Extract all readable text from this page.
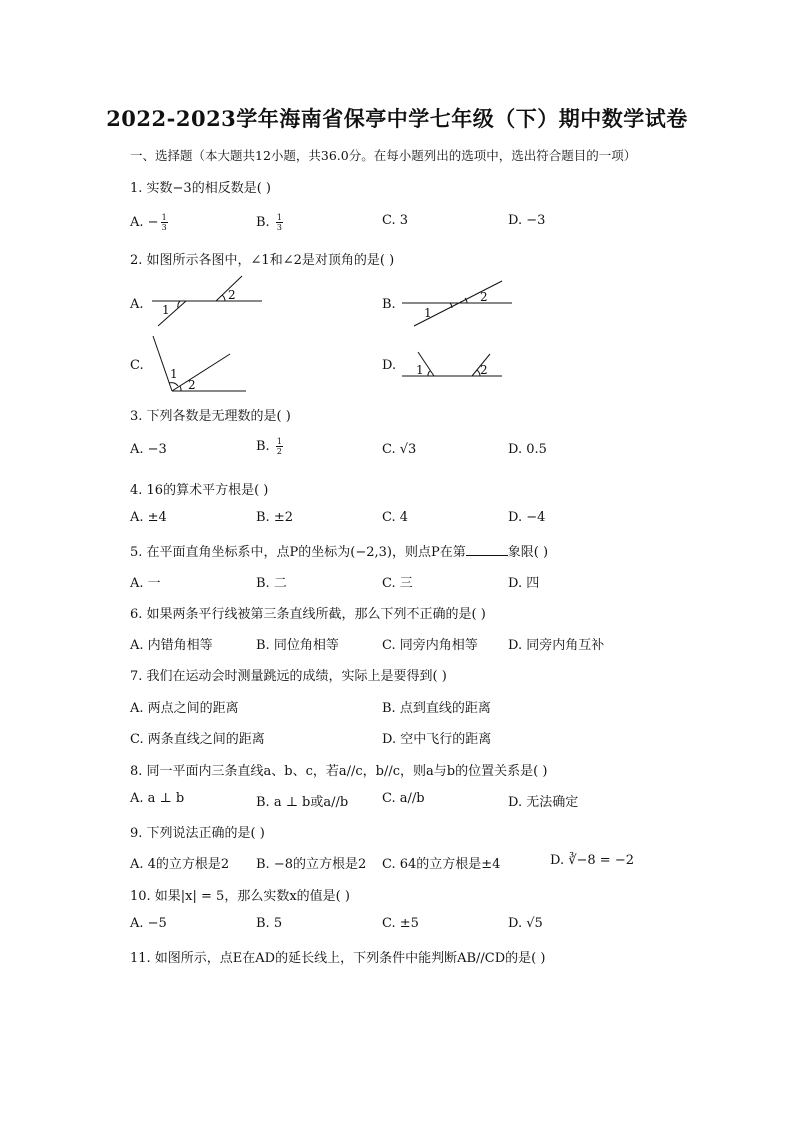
2022-2023学年海南省保亭中学七年级（下）期中数学试卷
一、选择题（本大题共12小题，共36.0分。在每小题列出的选项中，选出符合题目的一项）
1. 实数−3的相反数是( )
A. − $\frac{1}{3}$	B. $\frac{1}{3}$	C. 3	D. −3
2. 如图所示各图中，∠1和∠2是对顶角的是( )
A. 1
2
B.
1
2
C.
1
2
D. 1	2
3. 下列各数是无理数的是( )
A. −3	B. $\frac{1}{2}$	C. √3	D. 0.5
4. 16的算术平方根是( )
A. ±4	B. ±2	C. 4	D. −4
5. 在平面直角坐标系中，点P的坐标为(−2,3)，则点P在第	象限( )
A. 一	B. 二	C. 三	D. 四
6. 如果两条平行线被第三条直线所截，那么下列不正确的是( )
A. 内错角相等	B. 同位角相等	C. 同旁内角相等 D. 同旁内角互补
7. 我们在运动会时测量跳远的成绩，实际上是要得到( )
A. 两点之间的距离	B. 点到直线的距离
C. 两条直线之间的距离	D. 空中飞行的距离
8. 同一平面内三条直线a、b、c，若a//c，b//c，则a与b的位置关系是( )
A. a ⊥ b	B. a ⊥ b或a//b	C. a//b	D. 无法确定
9. 下列说法正确的是( )
A. 4的立方根是2 B. −8的立方根是2 C. 64的立方根是±4	D. ∛−8 = −2
10. 如果|x| = 5，那么实数x的值是( )
A. −5	B. 5	C. ±5	D. √5
11. 如图所示，点E在AD的延长线上，下列条件中能判断AB//CD的是( )
